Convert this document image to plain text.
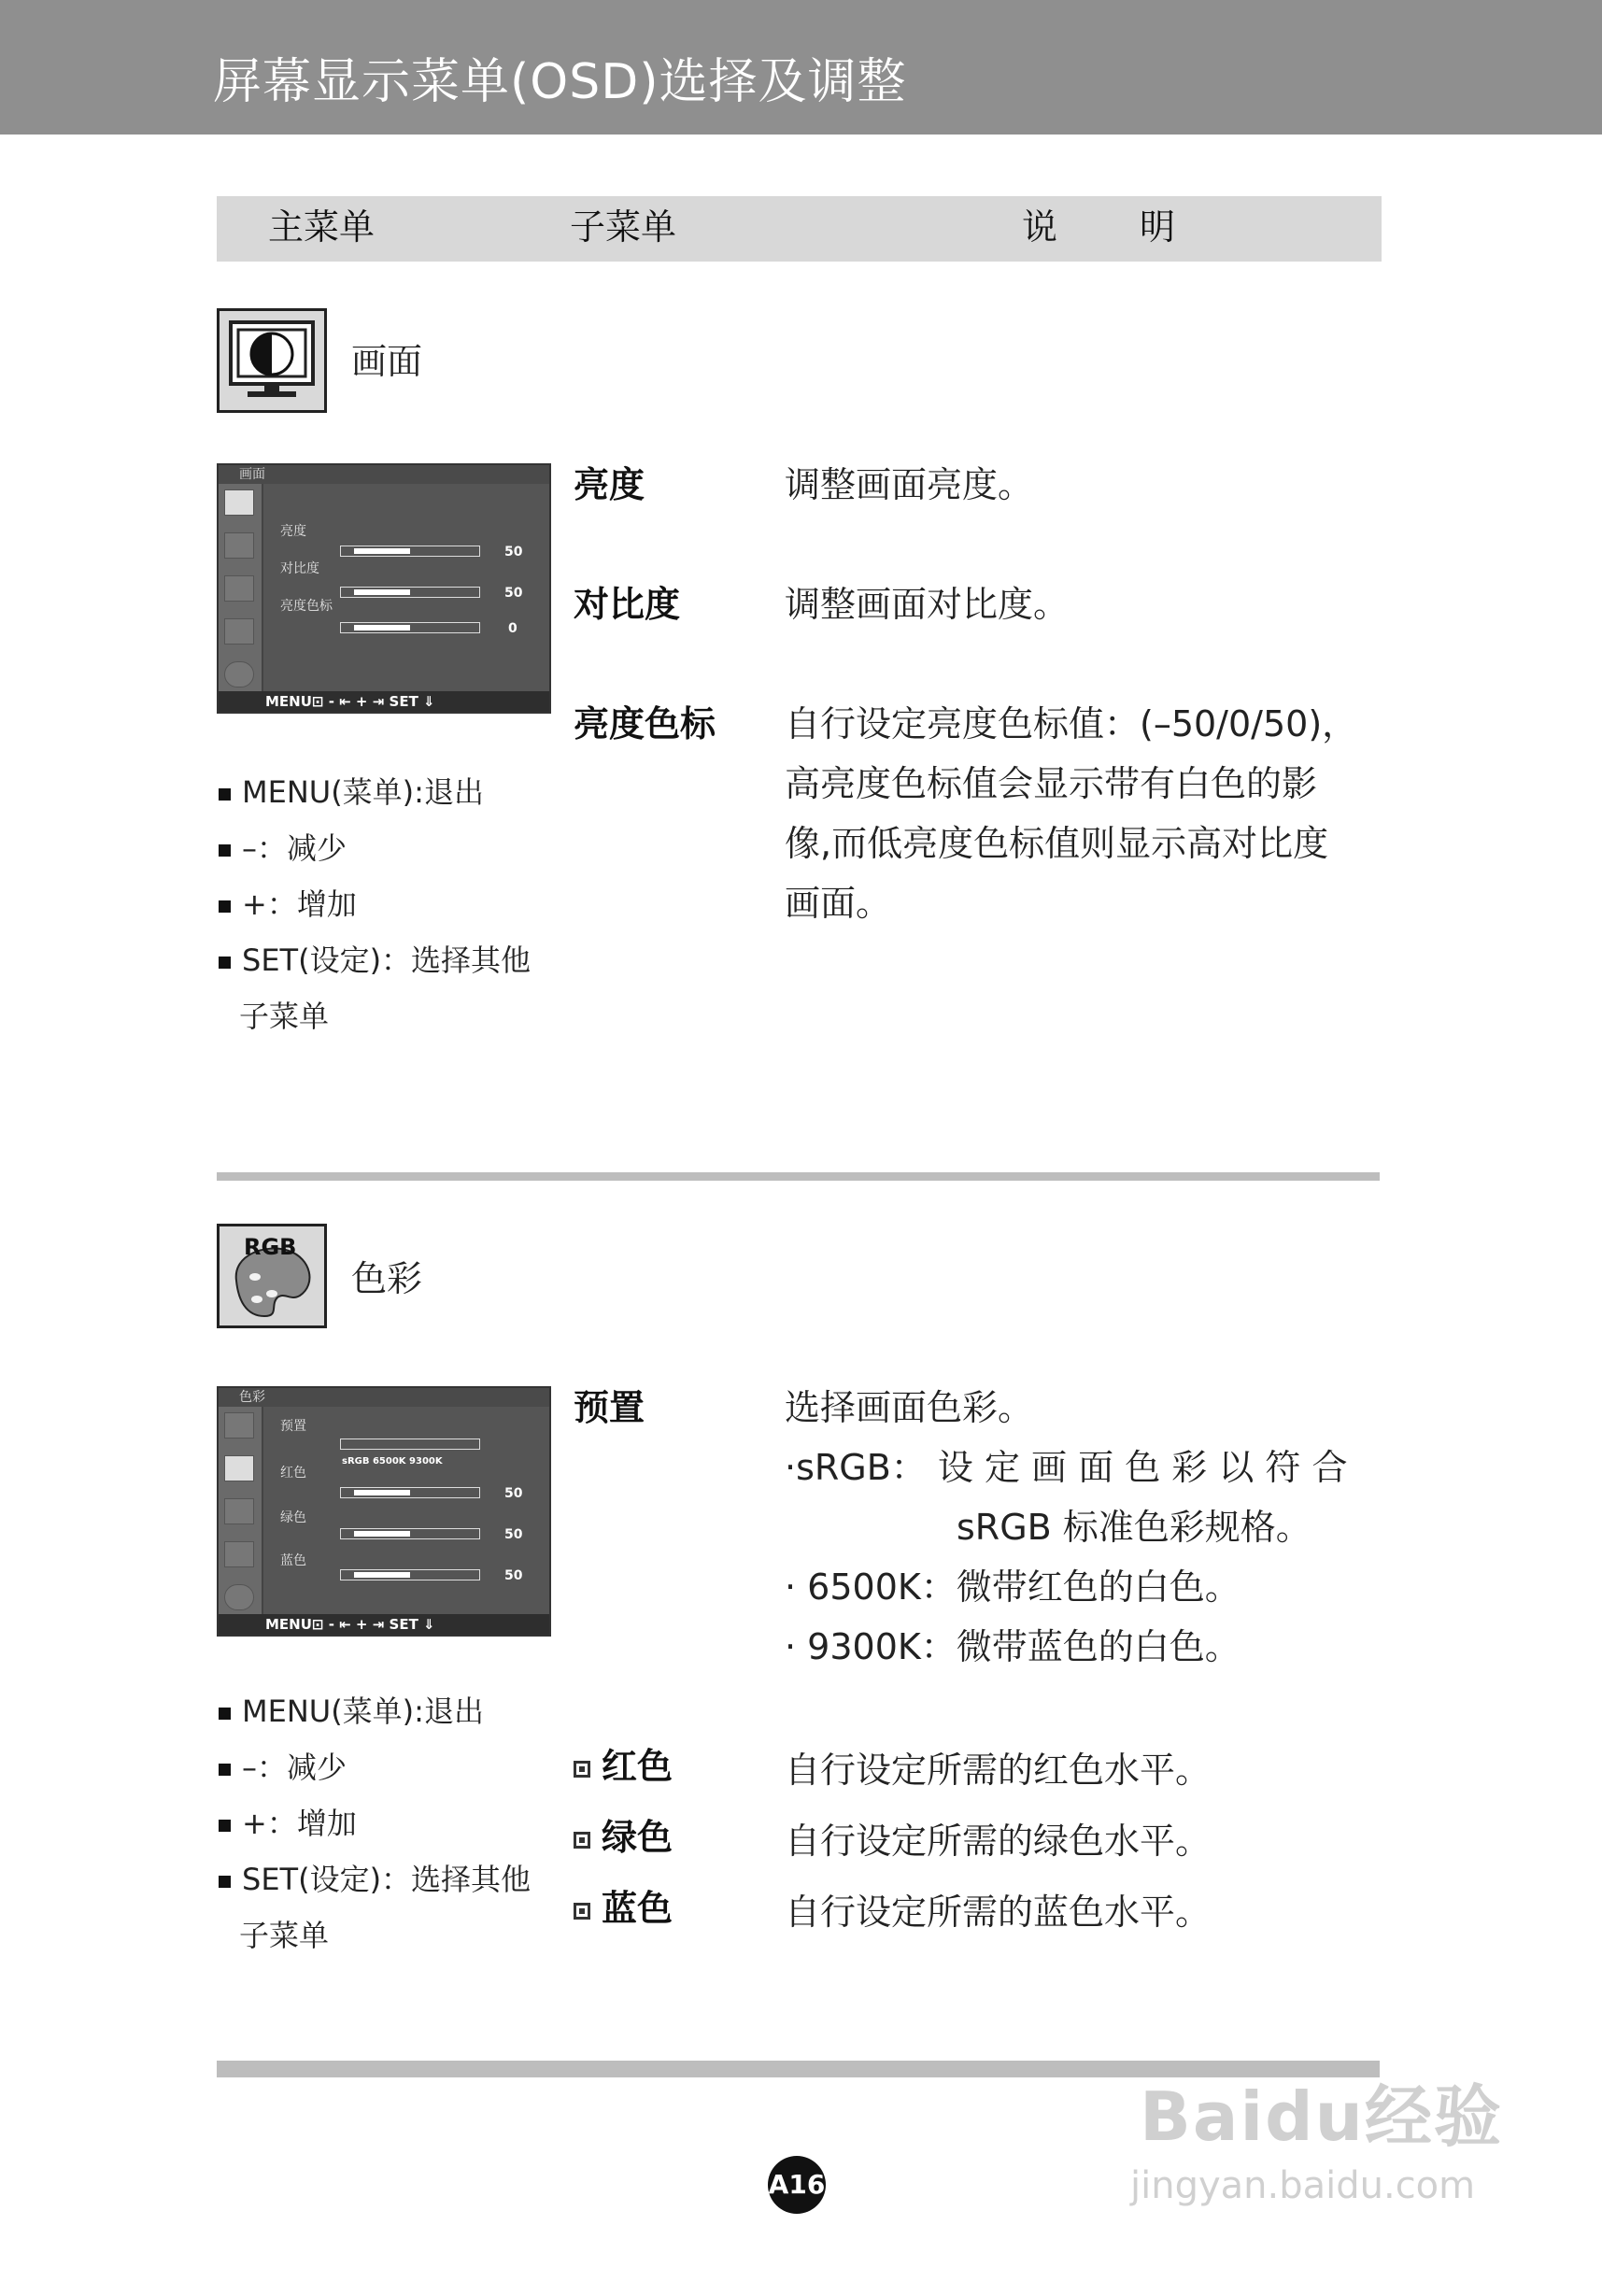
屏幕显示菜单(OSD)选择及调整
主菜单	子菜单	说 明
画面
画面
亮度
对比度
亮度色标
50
50
0
MENU⊡ - ⇤ + ⇥ SET ⇓
亮度	调整画面亮度。
对比度	调整画面对比度。
亮度色标 自行设定亮度色标值：(–50/0/50)，
高亮度色标值会显示带有白色的影
像,而低亮度色标值则显示高对比度
画面。
MENU(菜单):退出
–：减少
+：增加
SET(设定)：选择其他
子菜单
RGB
色彩
色彩
预置
sRGB 6500K 9300K
红色
绿色
蓝色
50
50
50
MENU⊡ - ⇤ + ⇥ SET ⇓
预置	选择画面色彩。
·sRGB： 设 定 画 面 色 彩 以 符 合
sRGB 标准色彩规格。
· 6500K：微带红色的白色。
· 9300K：微带蓝色的白色。
红色	自行设定所需的红色水平。
绿色	自行设定所需的绿色水平。
蓝色	自行设定所需的蓝色水平。
MENU(菜单):退出
–：减少
+：增加
SET(设定)：选择其他
子菜单
A16
Baidu经验
jingyan.baidu.com
